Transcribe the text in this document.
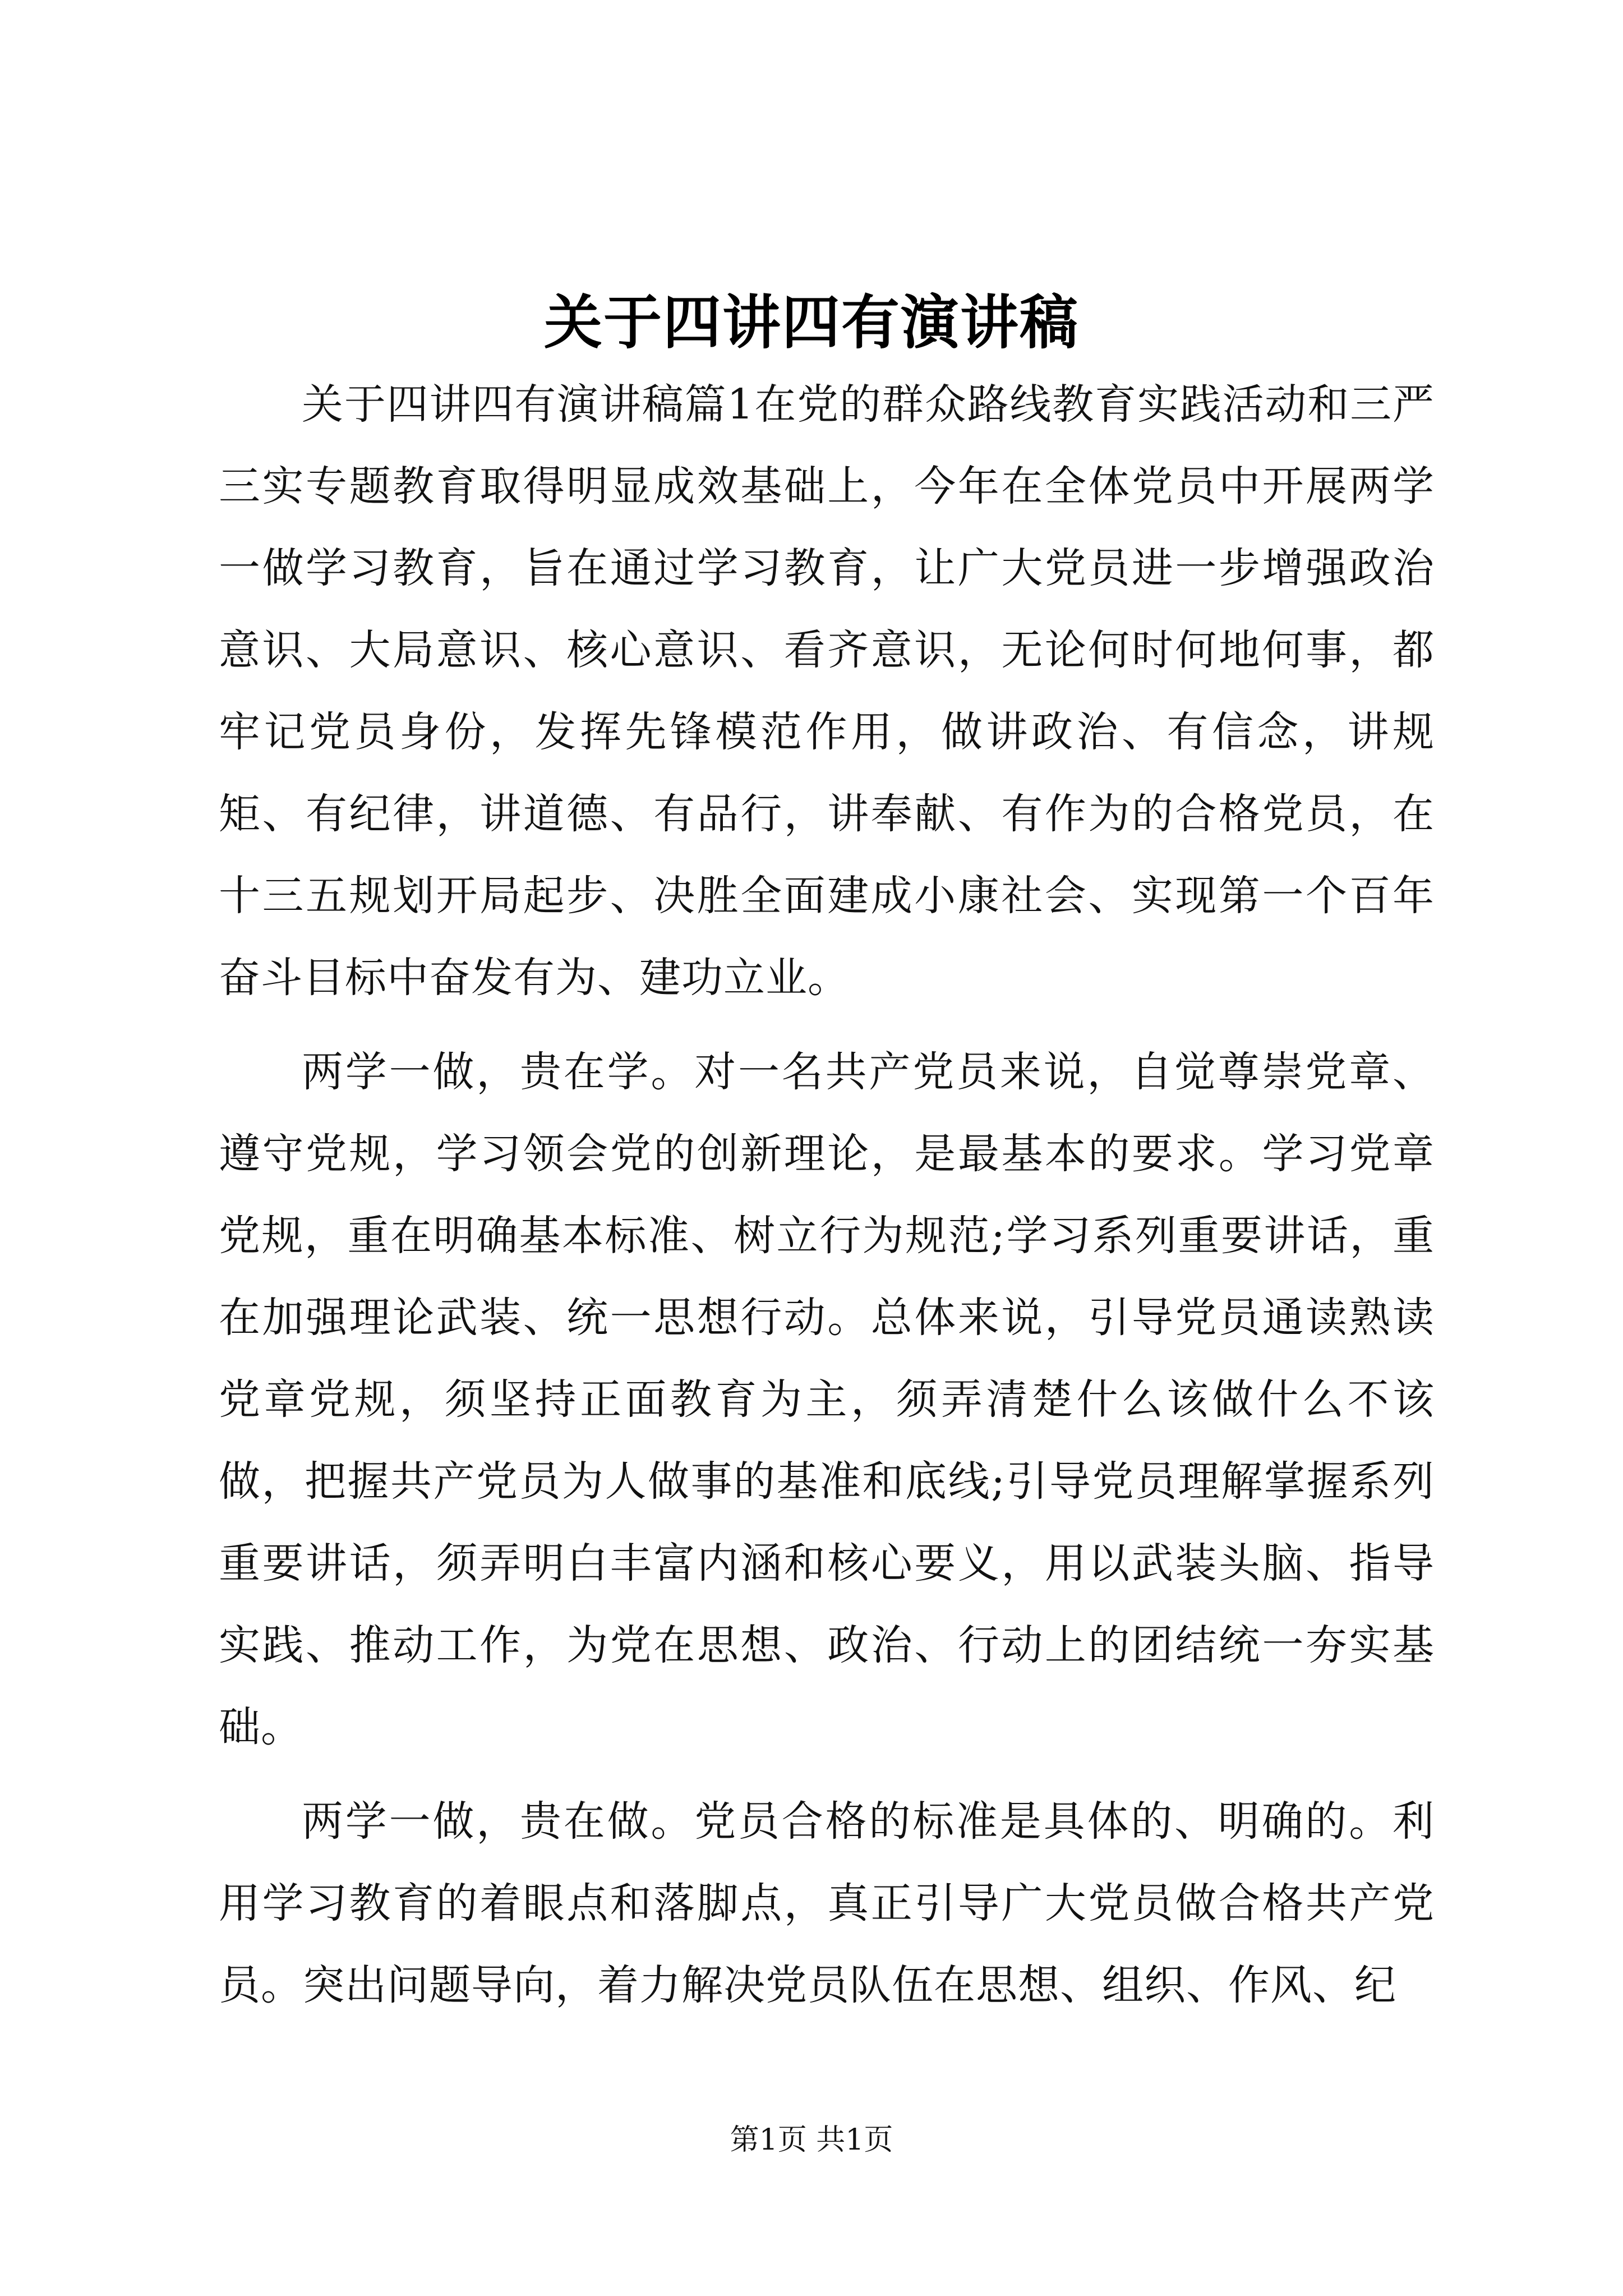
关于四讲四有演讲稿

关于四讲四有演讲稿篇1在党的群众路线教育实践活动和三严三实专题教育取得明显成效基础上，今年在全体党员中开展两学一做学习教育，旨在通过学习教育，让广大党员进一步增强政治意识、大局意识、核心意识、看齐意识，无论何时何地何事，都牢记党员身份，发挥先锋模范作用，做讲政治、有信念，讲规矩、有纪律，讲道德、有品行，讲奉献、有作为的合格党员，在十三五规划开局起步、决胜全面建成小康社会、实现第一个百年奋斗目标中奋发有为、建功立业。

两学一做，贵在学。对一名共产党员来说，自觉尊崇党章、遵守党规，学习领会党的创新理论，是最基本的要求。学习党章党规，重在明确基本标准、树立行为规范;学习系列重要讲话，重在加强理论武装、统一思想行动。总体来说，引导党员通读熟读党章党规，须坚持正面教育为主，须弄清楚什么该做什么不该做，把握共产党员为人做事的基准和底线;引导党员理解掌握系列重要讲话，须弄明白丰富内涵和核心要义，用以武装头脑、指导实践、推动工作，为党在思想、政治、行动上的团结统一夯实基础。

两学一做，贵在做。党员合格的标准是具体的、明确的。利用学习教育的着眼点和落脚点，真正引导广大党员做合格共产党员。突出问题导向，着力解决党员队伍在思想、组织、作风、纪

第1页 共1页
